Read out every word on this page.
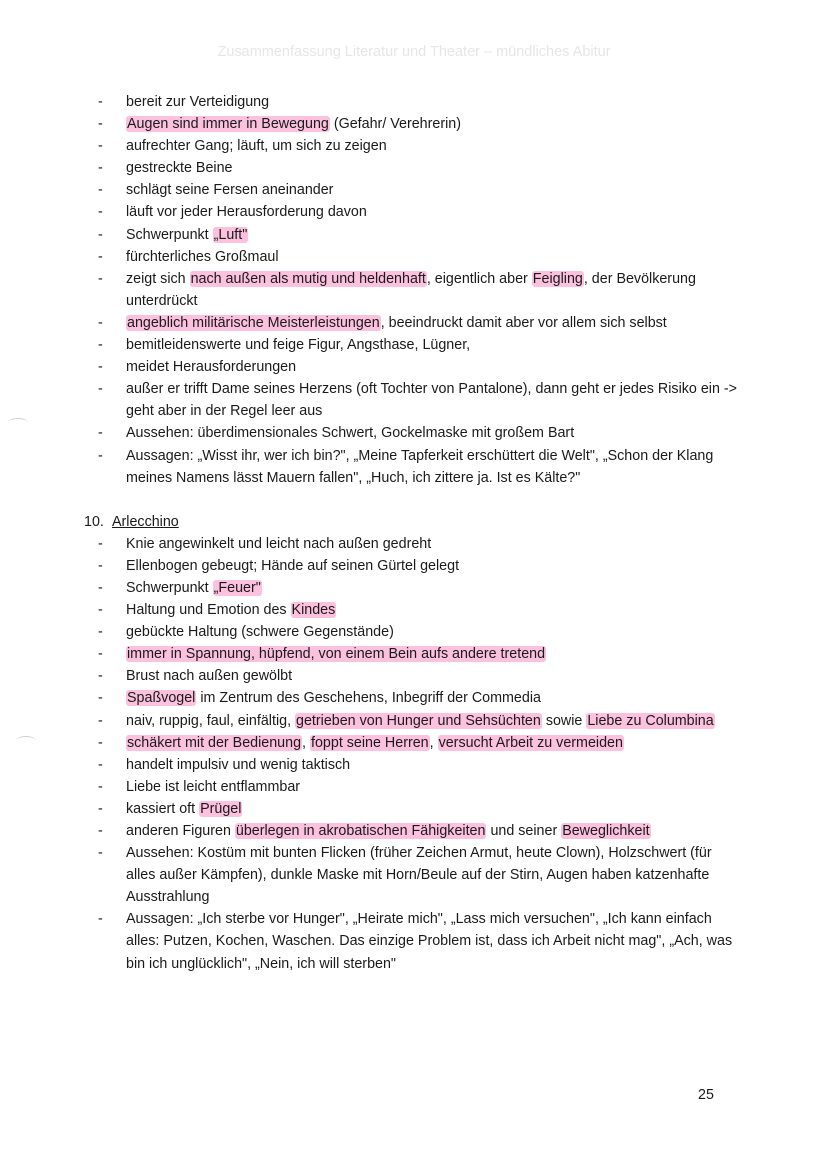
Zusammenfassung Literatur und Theater – mündliches Abitur
- bereit zur Verteidigung
- Augen sind immer in Bewegung (Gefahr/ Verehrerin)
- aufrechter Gang; läuft, um sich zu zeigen
- gestreckte Beine
- schlägt seine Fersen aneinander
- läuft vor jeder Herausforderung davon
- Schwerpunkt „Luft"
- fürchterliches Großmaul
- zeigt sich nach außen als mutig und heldenhaft, eigentlich aber Feigling, der Bevölkerung unterdrückt
- angeblich militärische Meisterleistungen, beeindruckt damit aber vor allem sich selbst
- bemitleidenswerte und feige Figur, Angsthase, Lügner,
- meidet Herausforderungen
- außer er trifft Dame seines Herzens (oft Tochter von Pantalone), dann geht er jedes Risiko ein -> geht aber in der Regel leer aus
- Aussehen: überdimensionales Schwert, Gockelmaske mit großem Bart
- Aussagen: „Wisst ihr, wer ich bin?", „Meine Tapferkeit erschüttert die Welt", „Schon der Klang meines Namens lässt Mauern fallen", „Huch, ich zittere ja. Ist es Kälte?"
10. Arlecchino
- Knie angewinkelt und leicht nach außen gedreht
- Ellenbogen gebeugt; Hände auf seinen Gürtel gelegt
- Schwerpunkt „Feuer"
- Haltung und Emotion des Kindes
- gebückte Haltung (schwere Gegenstände)
- immer in Spannung, hüpfend, von einem Bein aufs andere tretend
- Brust nach außen gewölbt
- Spaßvogel im Zentrum des Geschehens, Inbegriff der Commedia
- naiv, ruppig, faul, einfältig, getrieben von Hunger und Sehsüchten sowie Liebe zu Columbina
- schäkert mit der Bedienung, foppt seine Herren, versucht Arbeit zu vermeiden
- handelt impulsiv und wenig taktisch
- Liebe ist leicht entflammbar
- kassiert oft Prügel
- anderen Figuren überlegen in akrobatischen Fähigkeiten und seiner Beweglichkeit
- Aussehen: Kostüm mit bunten Flicken (früher Zeichen Armut, heute Clown), Holzschwert (für alles außer Kämpfen), dunkle Maske mit Horn/Beule auf der Stirn, Augen haben katzenhafte Ausstrahlung
- Aussagen: „Ich sterbe vor Hunger", „Heirate mich", „Lass mich versuchen", „Ich kann einfach alles: Putzen, Kochen, Waschen. Das einzige Problem ist, dass ich Arbeit nicht mag", „Ach, was bin ich unglücklich", „Nein, ich will sterben"
25
